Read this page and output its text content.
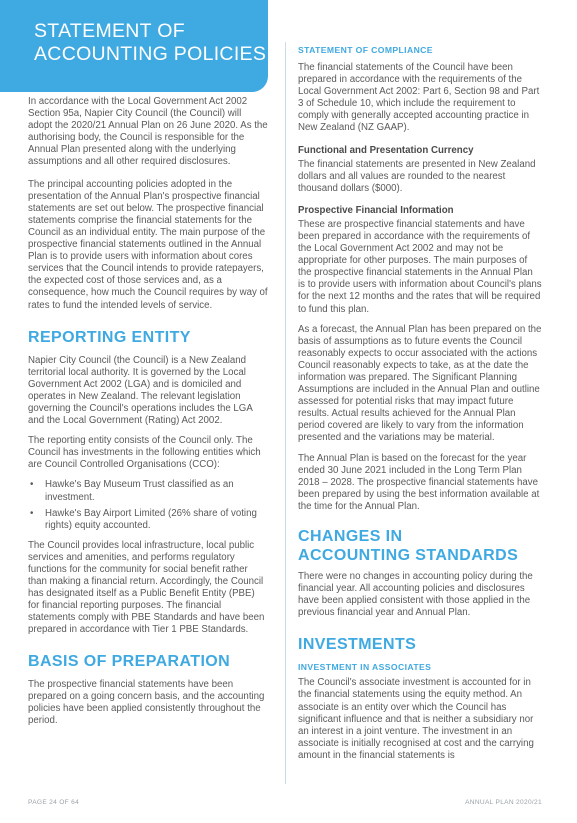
STATEMENT OF
ACCOUNTING POLICIES

In accordance with the Local Government Act 2002 Section 95a, Napier City Council (the Council) will adopt the 2020/21 Annual Plan on 26 June 2020. As the authorising body, the Council is responsible for the Annual Plan presented along with the underlying assumptions and all other required disclosures.

The principal accounting policies adopted in the presentation of the Annual Plan's prospective financial statements are set out below. The prospective financial statements comprise the financial statements for the Council as an individual entity. The main purpose of the prospective financial statements outlined in the Annual Plan is to provide users with information about cores services that the Council intends to provide ratepayers, the expected cost of those services and, as a consequence, how much the Council requires by way of rates to fund the intended levels of service.

REPORTING ENTITY

Napier City Council (the Council) is a New Zealand territorial local authority. It is governed by the Local Government Act 2002 (LGA) and is domiciled and operates in New Zealand. The relevant legislation governing the Council's operations includes the LGA and the Local Government (Rating) Act 2002.

The reporting entity consists of the Council only. The Council has investments in the following entities which are Council Controlled Organisations (CCO):

• Hawke's Bay Museum Trust classified as an investment.
• Hawke's Bay Airport Limited (26% share of voting rights) equity accounted.

The Council provides local infrastructure, local public services and amenities, and performs regulatory functions for the community for social benefit rather than making a financial return. Accordingly, the Council has designated itself as a Public Benefit Entity (PBE) for financial reporting purposes. The financial statements comply with PBE Standards and have been prepared in accordance with Tier 1 PBE Standards.

BASIS OF PREPARATION

The prospective financial statements have been prepared on a going concern basis, and the accounting policies have been applied consistently throughout the period.

STATEMENT OF COMPLIANCE

The financial statements of the Council have been prepared in accordance with the requirements of the Local Government Act 2002: Part 6, Section 98 and Part 3 of Schedule 10, which include the requirement to comply with generally accepted accounting practice in New Zealand (NZ GAAP).

Functional and Presentation Currency

The financial statements are presented in New Zealand dollars and all values are rounded to the nearest thousand dollars ($000).

Prospective Financial Information

These are prospective financial statements and have been prepared in accordance with the requirements of the Local Government Act 2002 and may not be appropriate for other purposes. The main purposes of the prospective financial statements in the Annual Plan is to provide users with information about Council's plans for the next 12 months and the rates that will be required to fund this plan.

As a forecast, the Annual Plan has been prepared on the basis of assumptions as to future events the Council reasonably expects to occur associated with the actions Council reasonably expects to take, as at the date the information was prepared. The Significant Planning Assumptions are included in the Annual Plan and outline assessed for potential risks that may impact future results. Actual results achieved for the Annual Plan period covered are likely to vary from the information presented and the variations may be material.

The Annual Plan is based on the forecast for the year ended 30 June 2021 included in the Long Term Plan 2018 – 2028. The prospective financial statements have been prepared by using the best information available at the time for the Annual Plan.

CHANGES IN
ACCOUNTING STANDARDS

There were no changes in accounting policy during the financial year. All accounting policies and disclosures have been applied consistent with those applied in the previous financial year and Annual Plan.

INVESTMENTS
INVESTMENT IN ASSOCIATES

The Council's associate investment is accounted for in the financial statements using the equity method. An associate is an entity over which the Council has significant influence and that is neither a subsidiary nor an interest in a joint venture. The investment in an associate is initially recognised at cost and the carrying amount in the financial statements is

PAGE 24 OF 64	ANNUAL PLAN 2020/21
